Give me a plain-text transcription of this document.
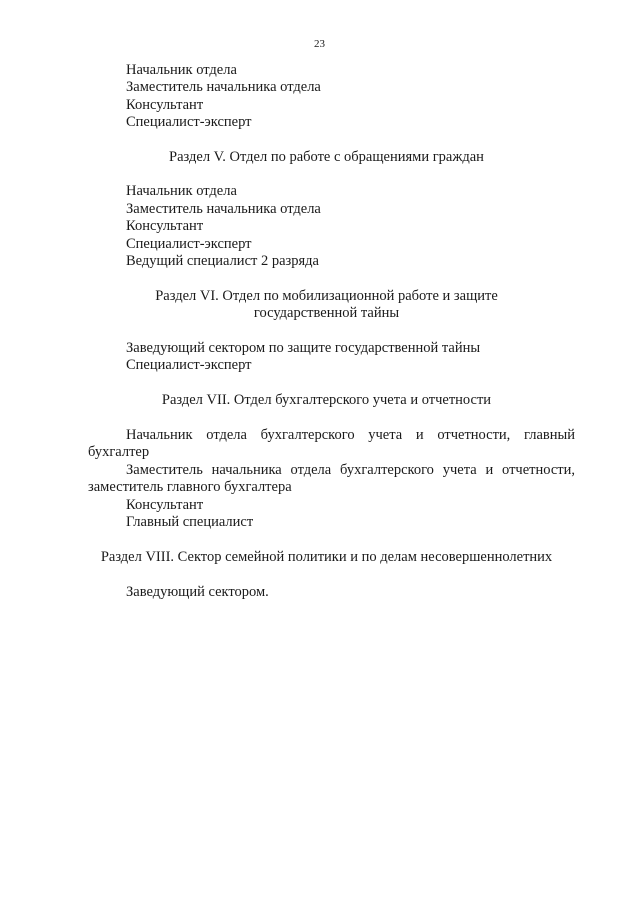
23
Начальник отдела
Заместитель начальника отдела
Консультант
Специалист-эксперт
Раздел V. Отдел по работе с обращениями граждан
Начальник отдела
Заместитель начальника отдела
Консультант
Специалист-эксперт
Ведущий специалист 2 разряда
Раздел VI. Отдел по мобилизационной работе и защите
государственной тайны
Заведующий сектором по защите государственной тайны
Специалист-эксперт
Раздел VII. Отдел бухгалтерского учета и отчетности
Начальник отдела бухгалтерского учета и отчетности, главный
бухгалтер
Заместитель начальника отдела бухгалтерского учета и отчетности,
заместитель главного бухгалтера
Консультант
Главный специалист
Раздел VIII. Сектор семейной политики и по делам несовершеннолетних
Заведующий сектором.
